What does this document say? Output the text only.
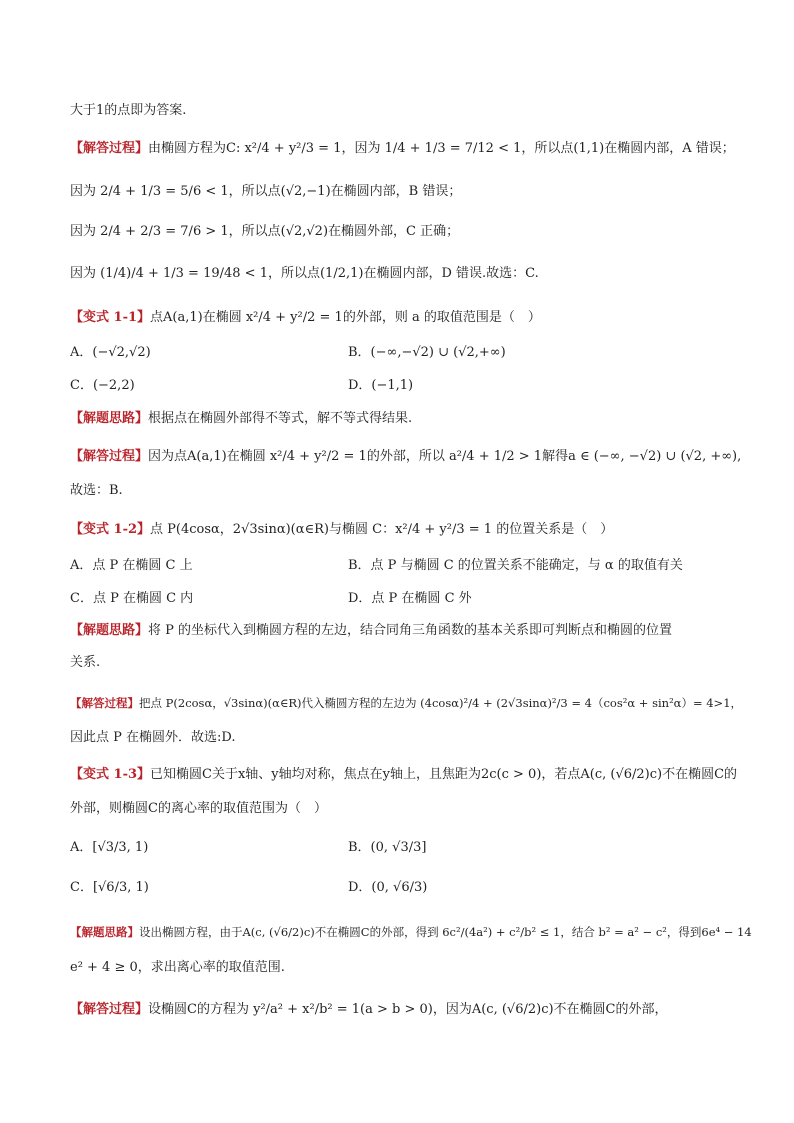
大于1的点即为答案.
【解答过程】由椭圆方程为C: x²/4 + y²/3 = 1，因为 1/4 + 1/3 = 7/12 < 1，所以点(1,1)在椭圆内部，A 错误；
因为 2/4 + 1/3 = 5/6 < 1，所以点(√2,−1)在椭圆内部，B 错误；
因为 2/4 + 2/3 = 7/6 > 1，所以点(√2,√2)在椭圆外部，C 正确；
因为 (1/4)/4 + 1/3 = 19/48 < 1，所以点(1/2,1)在椭圆内部，D 错误.故选：C.
【变式 1-1】点A(a,1)在椭圆 x²/4 + y²/2 = 1的外部，则 a 的取值范围是（　）
A．(−√2,√2)	B．(−∞,−√2) ∪ (√2,+∞)
C．(−2,2)	D．(−1,1)
【解题思路】根据点在椭圆外部得不等式，解不等式得结果.
【解答过程】因为点A(a,1)在椭圆 x²/4 + y²/2 = 1的外部，所以 a²/4 + 1/2 > 1解得a ∈ (−∞, −√2) ∪ (√2, +∞),
故选：B.
【变式 1-2】点 P(4cosα，2√3sinα)(α∈R)与椭圆 C：x²/4 + y²/3 = 1 的位置关系是（　）
A．点 P 在椭圆 C 上	B．点 P 与椭圆 C 的位置关系不能确定，与 α 的取值有关
C．点 P 在椭圆 C 内	D．点 P 在椭圆 C 外
【解题思路】将 P 的坐标代入到椭圆方程的左边，结合同角三角函数的基本关系即可判断点和椭圆的位置
关系.
【解答过程】把点 P(2cosα，√3sinα)(α∈R)代入椭圆方程的左边为 (4cosα)²/4 + (2√3sinα)²/3 = 4（cos²α + sin²α）= 4>1，
因此点 P 在椭圆外．故选:D.
【变式 1-3】已知椭圆C关于x轴、y轴均对称，焦点在y轴上，且焦距为2c(c > 0)，若点A(c, (√6/2)c)不在椭圆C的
外部，则椭圆C的离心率的取值范围为（　）
A．[√3/3, 1)	B．(0, √3/3]
C．[√6/3, 1)	D．(0, √6/3)
【解题思路】设出椭圆方程，由于A(c, (√6/2)c)不在椭圆C的外部，得到 6c²/(4a²) + c²/b² ≤ 1，结合 b² = a² − c²，得到6e⁴ − 14
e² + 4 ≥ 0，求出离心率的取值范围.
【解答过程】设椭圆C的方程为 y²/a² + x²/b² = 1(a > b > 0)，因为A(c, (√6/2)c)不在椭圆C的外部，
